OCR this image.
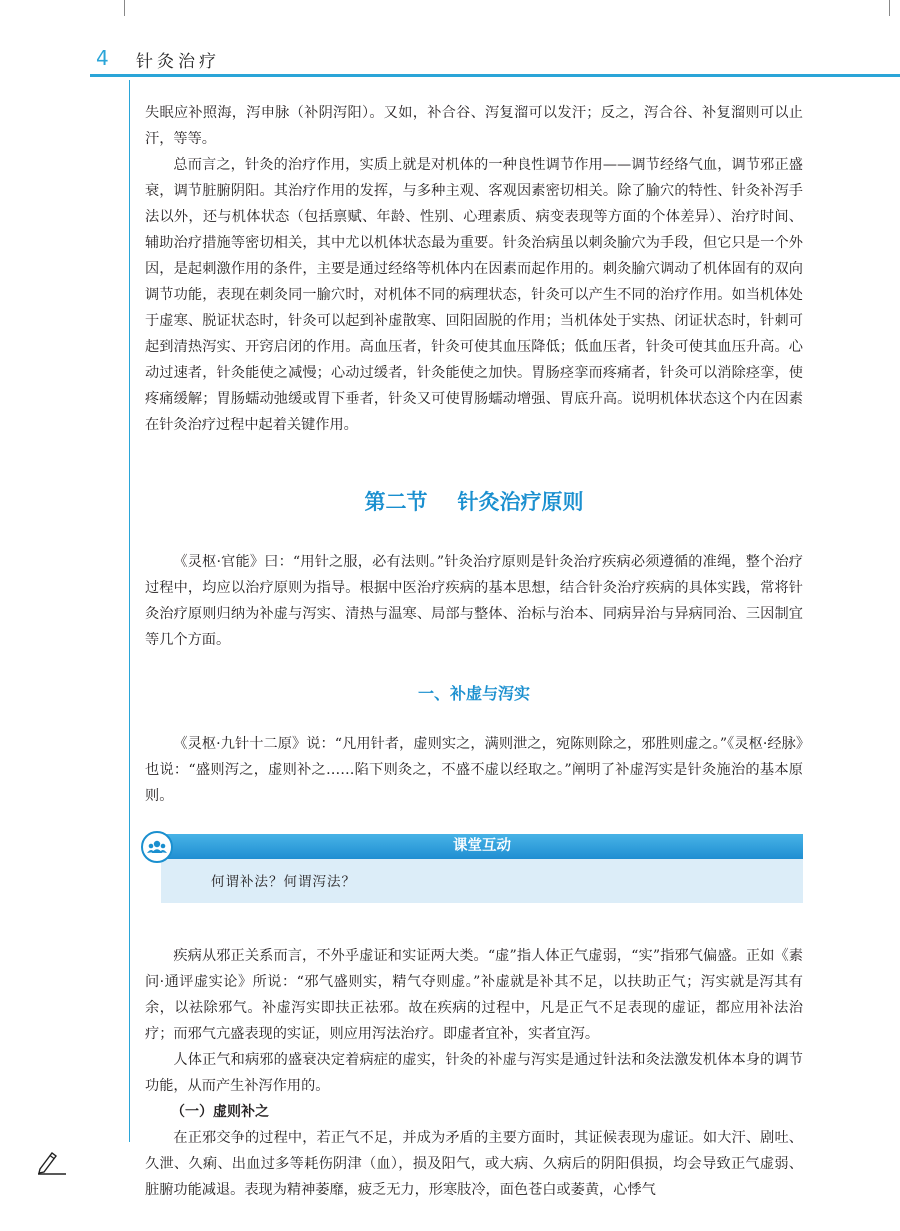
4 针灸治疗

失眠应补照海，泻申脉（补阴泻阳）。又如，补合谷、泻复溜可以发汗；反之，泻合谷、补复溜则可以止汗，等等。

总而言之，针灸的治疗作用，实质上就是对机体的一种良性调节作用——调节经络气血，调节邪正盛衰，调节脏腑阴阳。其治疗作用的发挥，与多种主观、客观因素密切相关。除了腧穴的特性、针灸补泻手法以外，还与机体状态（包括禀赋、年龄、性别、心理素质、病变表现等方面的个体差异）、治疗时间、辅助治疗措施等密切相关，其中尤以机体状态最为重要。针灸治病虽以刺灸腧穴为手段，但它只是一个外因，是起刺激作用的条件，主要是通过经络等机体内在因素而起作用的。刺灸腧穴调动了机体固有的双向调节功能，表现在刺灸同一腧穴时，对机体不同的病理状态，针灸可以产生不同的治疗作用。如当机体处于虚寒、脱证状态时，针灸可以起到补虚散寒、回阳固脱的作用；当机体处于实热、闭证状态时，针刺可起到清热泻实、开窍启闭的作用。高血压者，针灸可使其血压降低；低血压者，针灸可使其血压升高。心动过速者，针灸能使之减慢；心动过缓者，针灸能使之加快。胃肠痉挛而疼痛者，针灸可以消除痉挛，使疼痛缓解；胃肠蠕动弛缓或胃下垂者，针灸又可使胃肠蠕动增强、胃底升高。说明机体状态这个内在因素在针灸治疗过程中起着关键作用。

第二节 针灸治疗原则

《灵枢·官能》曰：“用针之服，必有法则。”针灸治疗原则是针灸治疗疾病必须遵循的准绳，整个治疗过程中，均应以治疗原则为指导。根据中医治疗疾病的基本思想，结合针灸治疗疾病的具体实践，常将针灸治疗原则归纳为补虚与泻实、清热与温寒、局部与整体、治标与治本、同病异治与异病同治、三因制宜等几个方面。

一、补虚与泻实

《灵枢·九针十二原》说：“凡用针者，虚则实之，满则泄之，宛陈则除之，邪胜则虚之。”《灵枢·经脉》也说：“盛则泻之，虚则补之……陷下则灸之，不盛不虚以经取之。”阐明了补虚泻实是针灸施治的基本原则。

课堂互动
何谓补法？何谓泻法？

疾病从邪正关系而言，不外乎虚证和实证两大类。“虚”指人体正气虚弱，“实”指邪气偏盛。正如《素问·通评虚实论》所说：“邪气盛则实，精气夺则虚。”补虚就是补其不足，以扶助正气；泻实就是泻其有余，以祛除邪气。补虚泻实即扶正祛邪。故在疾病的过程中，凡是正气不足表现的虚证，都应用补法治疗；而邪气亢盛表现的实证，则应用泻法治疗。即虚者宜补，实者宜泻。

人体正气和病邪的盛衰决定着病症的虚实，针灸的补虚与泻实是通过针法和灸法激发机体本身的调节功能，从而产生补泻作用的。

（一）虚则补之

在正邪交争的过程中，若正气不足，并成为矛盾的主要方面时，其证候表现为虚证。如大汗、剧吐、久泄、久痢、出血过多等耗伤阴津（血），损及阳气，或大病、久病后的阴阳俱损，均会导致正气虚弱、脏腑功能减退。表现为精神萎靡，疲乏无力，形寒肢冷，面色苍白或萎黄，心悸气
